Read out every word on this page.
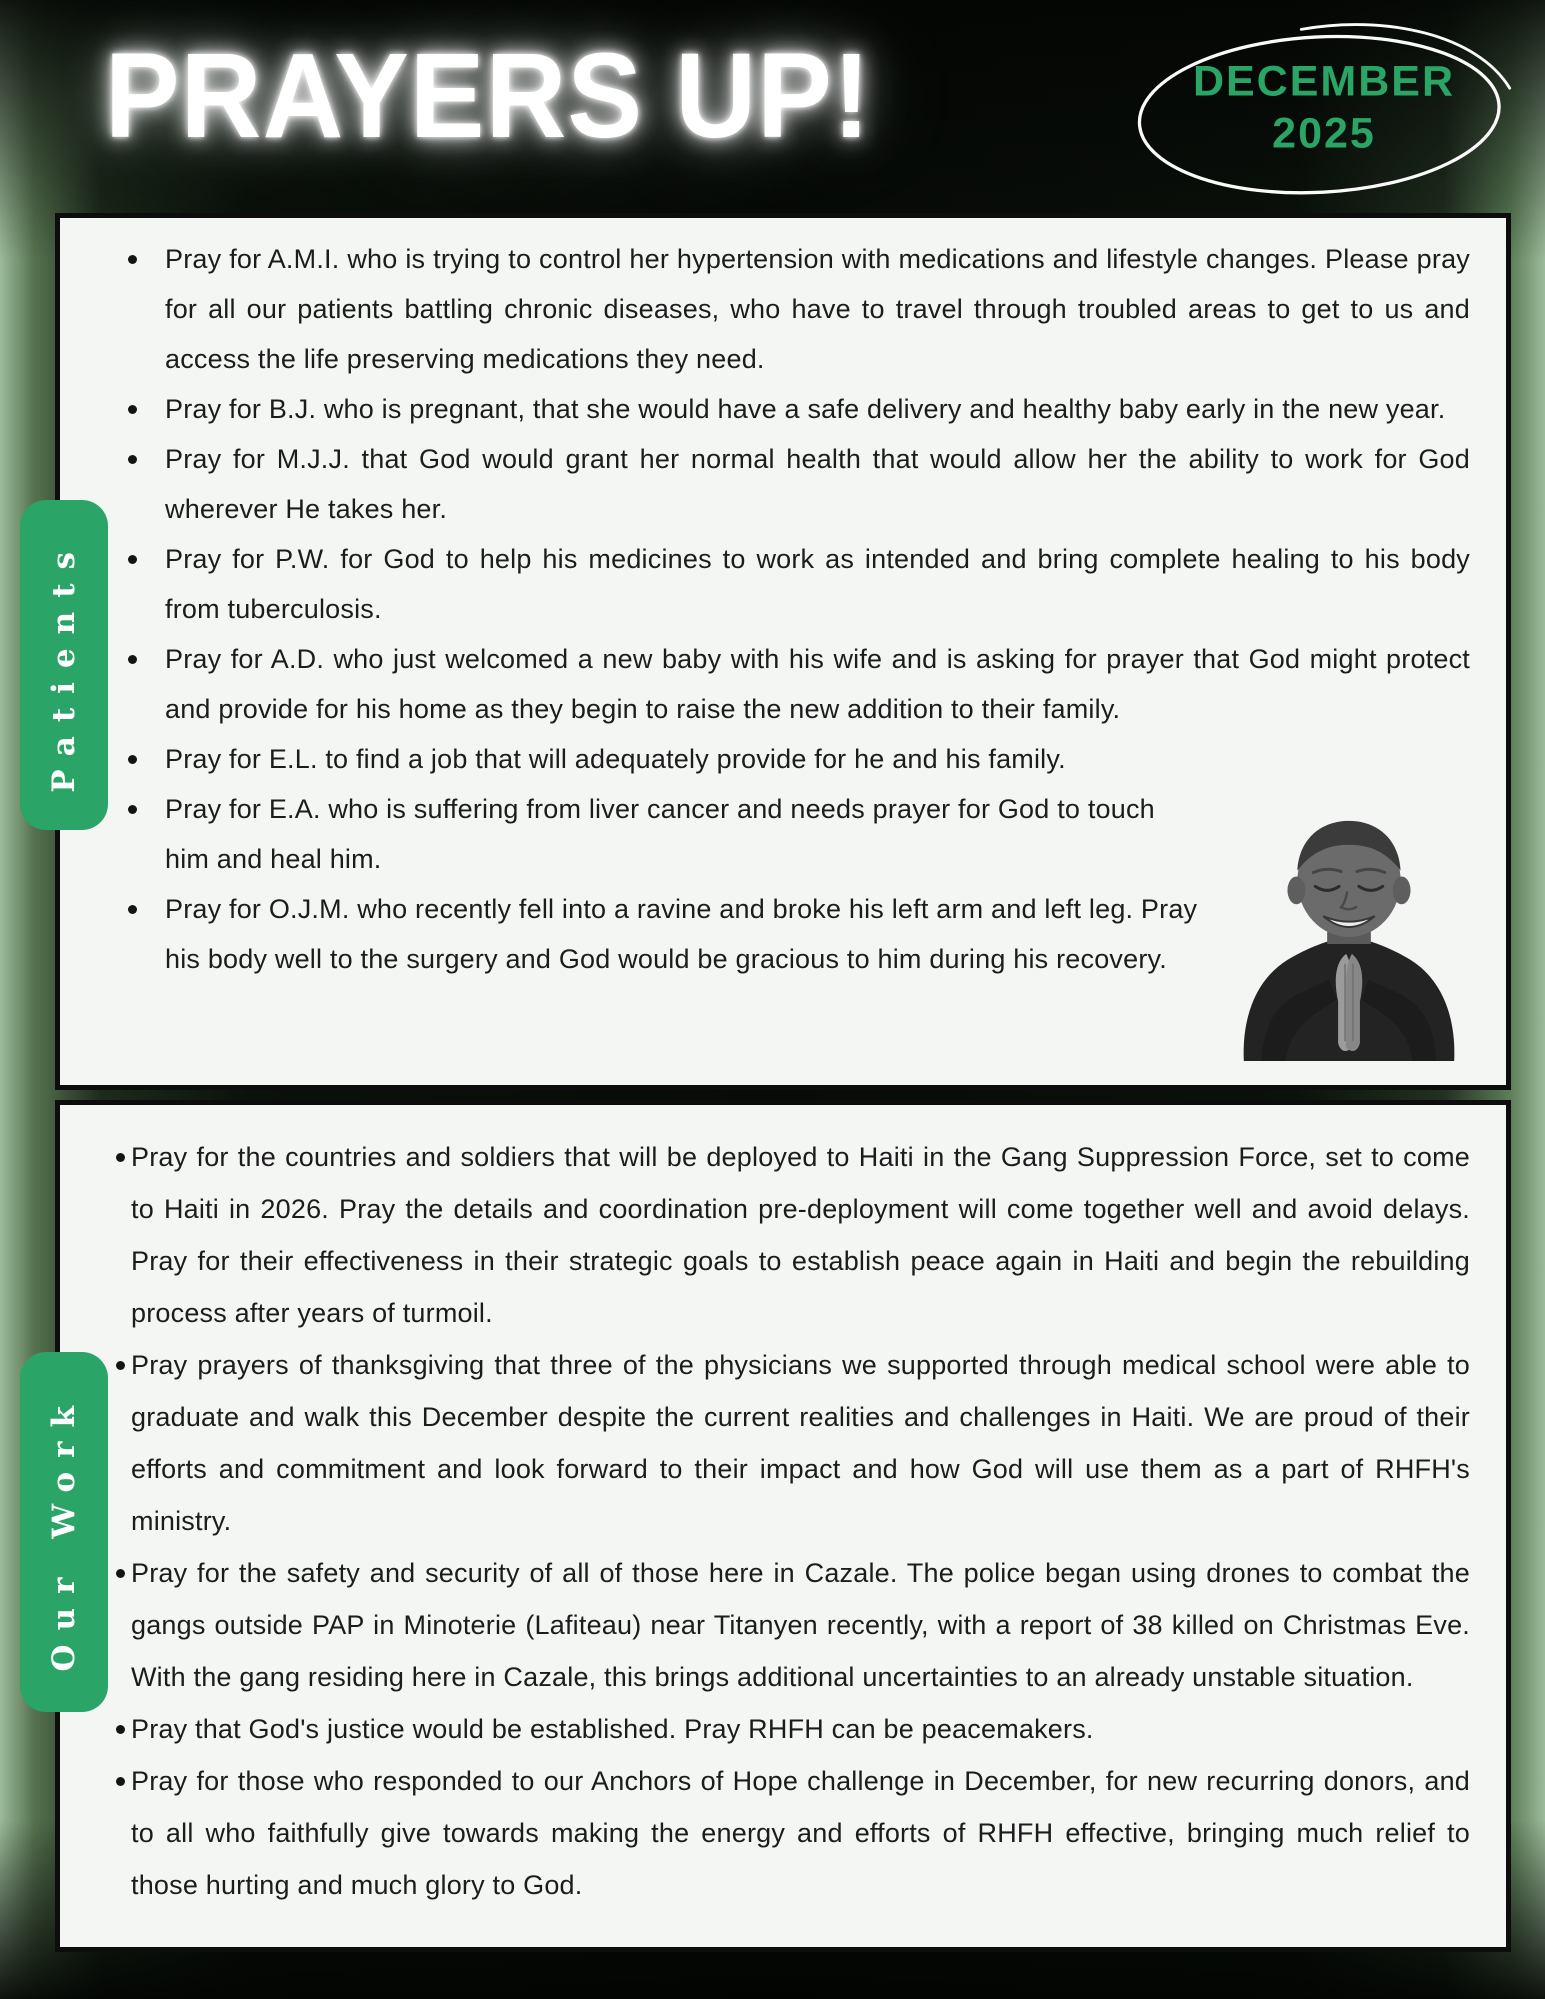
PRAYERS UP!	DECEMBER
2025
Pray for A.M.I. who is trying to control her hypertension with medications and lifestyle changes. Please pray for all our patients battling chronic diseases, who have to travel through troubled areas to get to us and access the life preserving medications they need.
Pray for B.J. who is pregnant, that she would have a safe delivery and healthy baby early in the new year.
Pray for M.J.J. that God would grant her normal health that would allow her the ability to work for God wherever He takes her.
Pray for P.W. for God to help his medicines to work as intended and bring complete healing to his body from tuberculosis.
Pray for A.D. who just welcomed a new baby with his wife and is asking for prayer that God might protect and provide for his home as they begin to raise the new addition to their family.
Pray for E.L. to find a job that will adequately provide for he and his family.
Pray for E.A. who is suffering from liver cancer and needs prayer for God to touch him and heal him.
Pray for O.J.M. who recently fell into a ravine and broke his left arm and left leg. Pray his body well to the surgery and God would be gracious to him during his recovery.
Pray for the countries and soldiers that will be deployed to Haiti in the Gang Suppression Force, set to come to Haiti in 2026. Pray the details and coordination pre-deployment will come together well and avoid delays. Pray for their effectiveness in their strategic goals to establish peace again in Haiti and begin the rebuilding process after years of turmoil.
Pray prayers of thanksgiving that three of the physicians we supported through medical school were able to graduate and walk this December despite the current realities and challenges in Haiti. We are proud of their efforts and commitment and look forward to their impact and how God will use them as a part of RHFH's ministry.
Pray for the safety and security of all of those here in Cazale. The police began using drones to combat the gangs outside PAP in Minoterie (Lafiteau) near Titanyen recently, with a report of 38 killed on Christmas Eve. With the gang residing here in Cazale, this brings additional uncertainties to an already unstable situation.
Pray that God's justice would be established. Pray RHFH can be peacemakers.
Pray for those who responded to our Anchors of Hope challenge in December, for new recurring donors, and to all who faithfully give towards making the energy and efforts of RHFH effective, bringing much relief to those hurting and much glory to God.
Patients
Our Work
